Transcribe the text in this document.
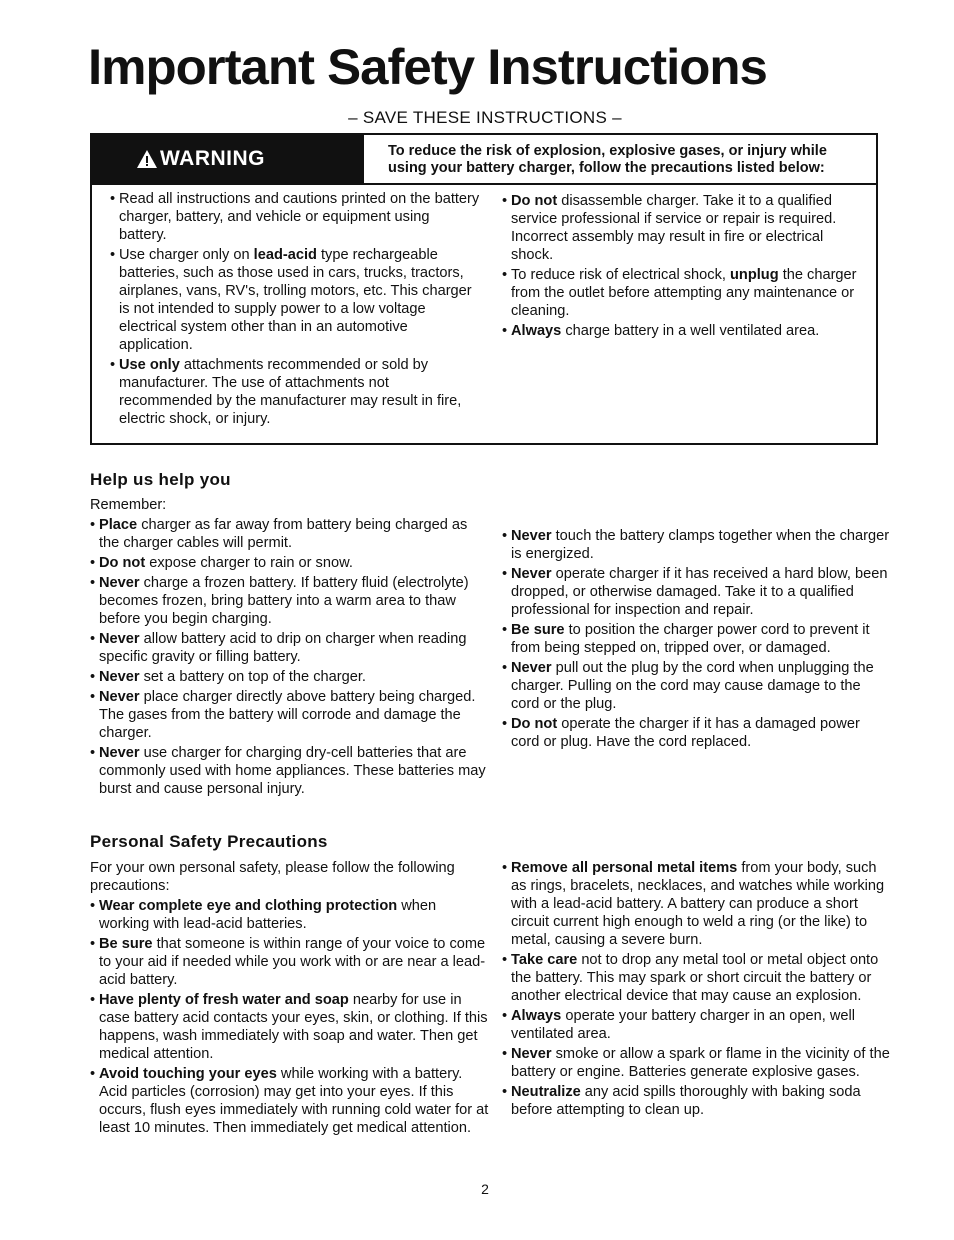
Important Safety Instructions
– SAVE THESE INSTRUCTIONS –
WARNING	To reduce the risk of explosion, explosive gases, or injury while using your battery charger, follow the precautions listed below:

• Read all instructions and cautions printed on the battery charger, battery, and vehicle or equipment using battery.

• Use charger only on lead-acid type rechargeable batteries, such as those used in cars, trucks, tractors, airplanes, vans, RV's, trolling motors, etc. This charger is not intended to supply power to a low voltage electrical system other than in an automotive application.

• Use only attachments recommended or sold by manufacturer. The use of attachments not recommended by the manufacturer may result in fire, electric shock, or injury.

• Do not disassemble charger. Take it to a qualified service professional if service or repair is required. Incorrect assembly may result in fire or electrical shock.

• To reduce risk of electrical shock, unplug the charger from the outlet before attempting any maintenance or cleaning.

• Always charge battery in a well ventilated area.

Help us help you

Remember:

• Place charger as far away from battery being charged as the charger cables will permit.

• Do not expose charger to rain or snow.

• Never charge a frozen battery. If battery fluid (electrolyte) becomes frozen, bring battery into a warm area to thaw before you begin charging.

• Never allow battery acid to drip on charger when reading specific gravity or filling battery.

• Never set a battery on top of the charger.

• Never place charger directly above battery being charged. The gases from the battery will corrode and damage the charger.

• Never use charger for charging dry-cell batteries that are commonly used with home appliances. These batteries may burst and cause personal injury.

• Never touch the battery clamps together when the charger is energized.

• Never operate charger if it has received a hard blow, been dropped, or otherwise damaged. Take it to a qualified professional for inspection and repair.

• Be sure to position the charger power cord to prevent it from being stepped on, tripped over, or damaged.

• Never pull out the plug by the cord when unplugging the charger. Pulling on the cord may cause damage to the cord or the plug.

• Do not operate the charger if it has a damaged power cord or plug. Have the cord replaced.

Personal Safety Precautions

For your own personal safety, please follow the following precautions:

• Wear complete eye and clothing protection when working with lead-acid batteries.

• Be sure that someone is within range of your voice to come to your aid if needed while you work with or are near a lead-acid battery.

• Have plenty of fresh water and soap nearby for use in case battery acid contacts your eyes, skin, or clothing. If this happens, wash immediately with soap and water. Then get medical attention.

• Avoid touching your eyes while working with a battery. Acid particles (corrosion) may get into your eyes. If this occurs, flush eyes immediately with running cold water for at least 10 minutes. Then immediately get medical attention.

• Remove all personal metal items from your body, such as rings, bracelets, necklaces, and watches while working with a lead-acid battery. A battery can produce a short circuit current high enough to weld a ring (or the like) to metal, causing a severe burn.

• Take care not to drop any metal tool or metal object onto the battery. This may spark or short circuit the battery or another electrical device that may cause an explosion.

• Always operate your battery charger in an open, well ventilated area.

• Never smoke or allow a spark or flame in the vicinity of the battery or engine. Batteries generate explosive gases.

• Neutralize any acid spills thoroughly with baking soda before attempting to clean up.

2
